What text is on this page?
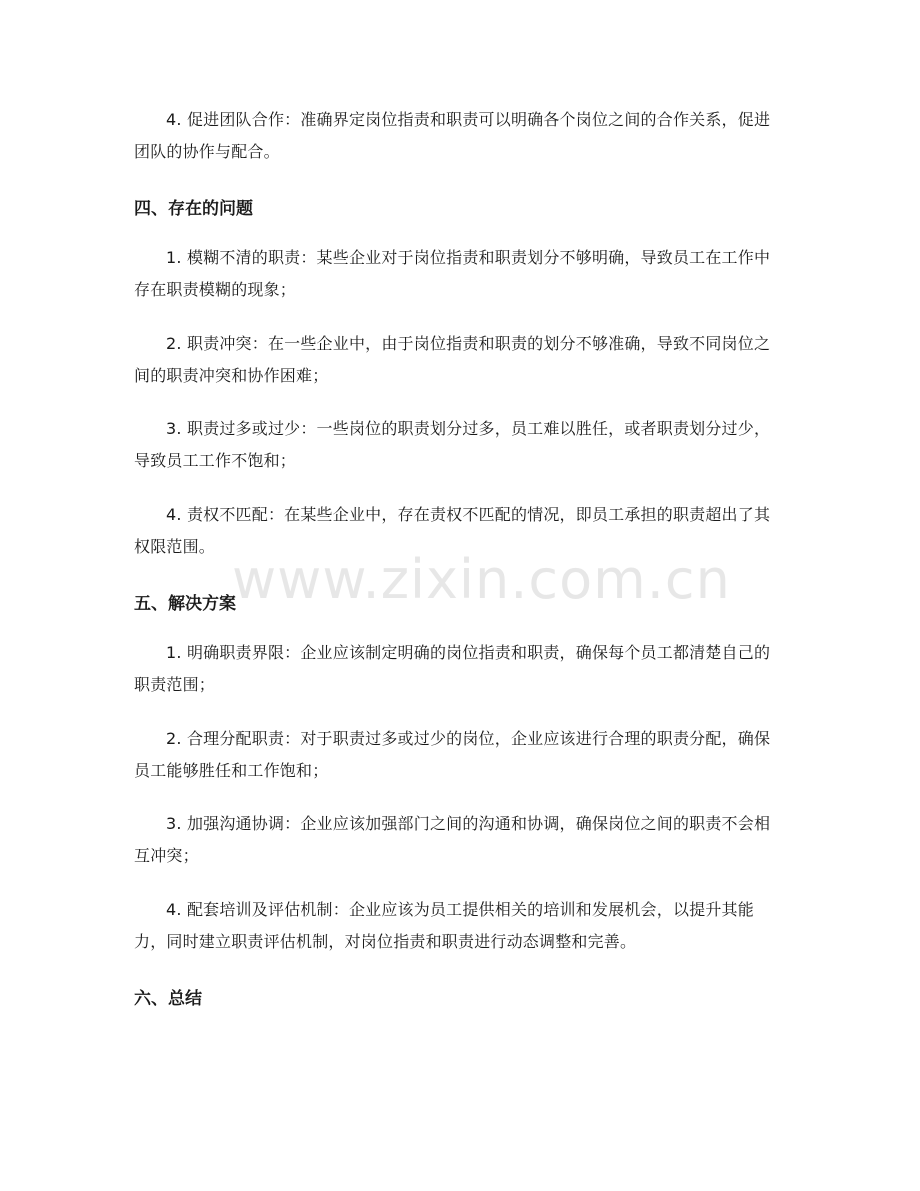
4. 促进团队合作：准确界定岗位指责和职责可以明确各个岗位之间的合作关系，促进团队的协作与配合。

四、存在的问题

1. 模糊不清的职责：某些企业对于岗位指责和职责划分不够明确，导致员工在工作中存在职责模糊的现象；

2. 职责冲突：在一些企业中，由于岗位指责和职责的划分不够准确，导致不同岗位之间的职责冲突和协作困难；

3. 职责过多或过少：一些岗位的职责划分过多，员工难以胜任，或者职责划分过少，导致员工工作不饱和；

4. 责权不匹配：在某些企业中，存在责权不匹配的情况，即员工承担的职责超出了其权限范围。

五、解决方案

1. 明确职责界限：企业应该制定明确的岗位指责和职责，确保每个员工都清楚自己的职责范围；

2. 合理分配职责：对于职责过多或过少的岗位，企业应该进行合理的职责分配，确保员工能够胜任和工作饱和；

3. 加强沟通协调：企业应该加强部门之间的沟通和协调，确保岗位之间的职责不会相互冲突；

4. 配套培训及评估机制：企业应该为员工提供相关的培训和发展机会，以提升其能力，同时建立职责评估机制，对岗位指责和职责进行动态调整和完善。

六、总结
www.zixin.com.cn
